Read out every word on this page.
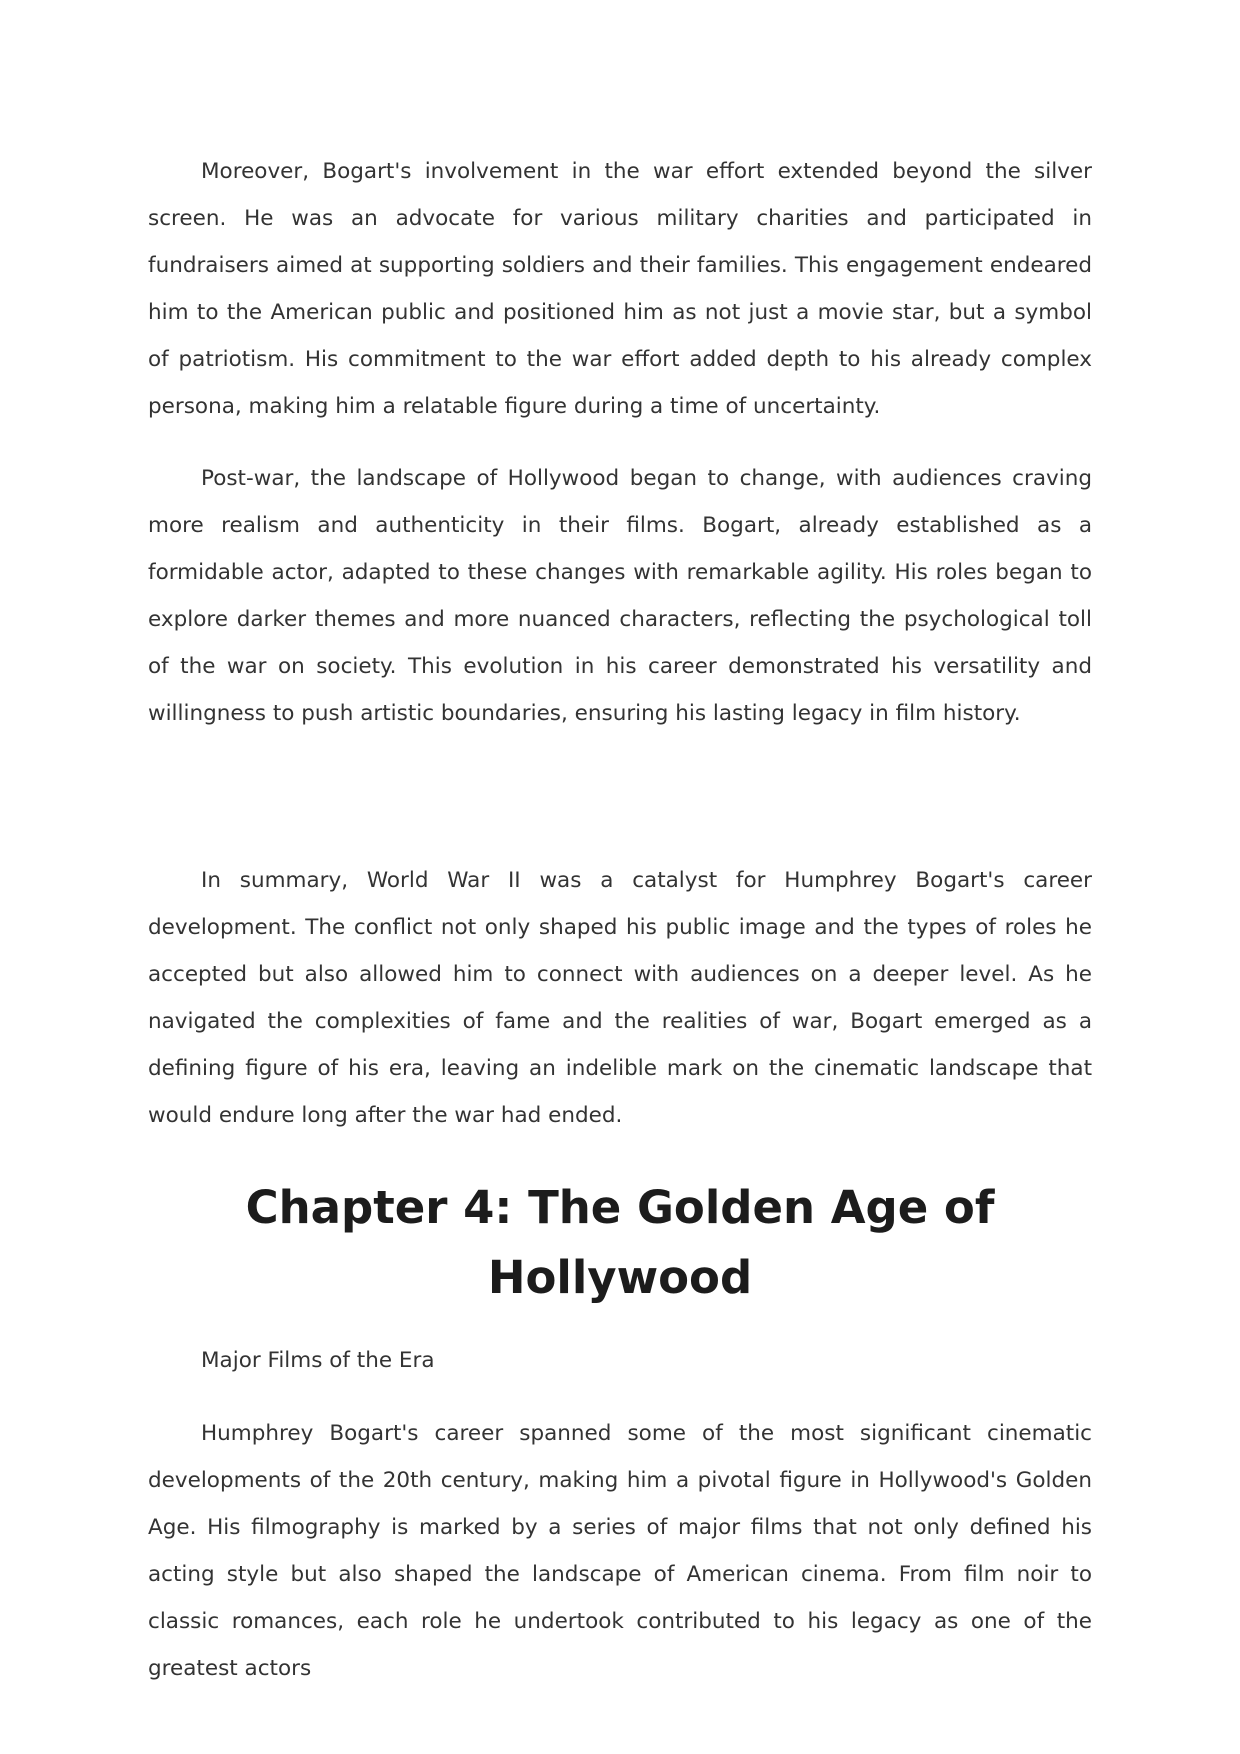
Moreover, Bogart's involvement in the war effort extended beyond the silver screen. He was an advocate for various military charities and participated in fundraisers aimed at supporting soldiers and their families. This engagement endeared him to the American public and positioned him as not just a movie star, but a symbol of patriotism. His commitment to the war effort added depth to his already complex persona, making him a relatable figure during a time of uncertainty.

Post-war, the landscape of Hollywood began to change, with audiences craving more realism and authenticity in their films. Bogart, already established as a formidable actor, adapted to these changes with remarkable agility. His roles began to explore darker themes and more nuanced characters, reflecting the psychological toll of the war on society. This evolution in his career demonstrated his versatility and willingness to push artistic boundaries, ensuring his lasting legacy in film history.

In summary, World War II was a catalyst for Humphrey Bogart's career development. The conflict not only shaped his public image and the types of roles he accepted but also allowed him to connect with audiences on a deeper level. As he navigated the complexities of fame and the realities of war, Bogart emerged as a defining figure of his era, leaving an indelible mark on the cinematic landscape that would endure long after the war had ended.

Chapter 4: The Golden Age of Hollywood

Major Films of the Era

Humphrey Bogart's career spanned some of the most significant cinematic developments of the 20th century, making him a pivotal figure in Hollywood's Golden Age. His filmography is marked by a series of major films that not only defined his acting style but also shaped the landscape of American cinema. From film noir to classic romances, each role he undertook contributed to his legacy as one of the greatest actors
